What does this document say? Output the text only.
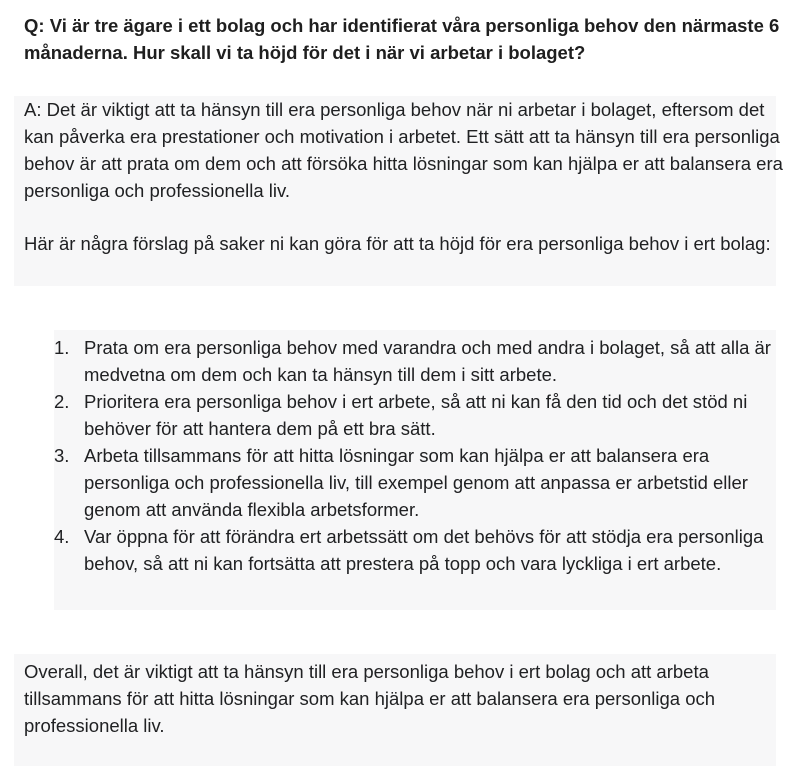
Q: Vi är tre ägare i ett bolag och har identifierat våra personliga behov den närmaste 6 månaderna. Hur skall vi ta höjd för det i när vi arbetar i bolaget?

A: Det är viktigt att ta hänsyn till era personliga behov när ni arbetar i bolaget, eftersom det kan påverka era prestationer och motivation i arbetet. Ett sätt att ta hänsyn till era personliga behov är att prata om dem och att försöka hitta lösningar som kan hjälpa er att balansera era personliga och professionella liv.

Här är några förslag på saker ni kan göra för att ta höjd för era personliga behov i ert bolag:

1. Prata om era personliga behov med varandra och med andra i bolaget, så att alla är medvetna om dem och kan ta hänsyn till dem i sitt arbete.
2. Prioritera era personliga behov i ert arbete, så att ni kan få den tid och det stöd ni behöver för att hantera dem på ett bra sätt.
3. Arbeta tillsammans för att hitta lösningar som kan hjälpa er att balansera era personliga och professionella liv, till exempel genom att anpassa er arbetstid eller genom att använda flexibla arbetsformer.
4. Var öppna för att förändra ert arbetssätt om det behövs för att stödja era personliga behov, så att ni kan fortsätta att prestera på topp och vara lyckliga i ert arbete.

Overall, det är viktigt att ta hänsyn till era personliga behov i ert bolag och att arbeta tillsammans för att hitta lösningar som kan hjälpa er att balansera era personliga och professionella liv.
